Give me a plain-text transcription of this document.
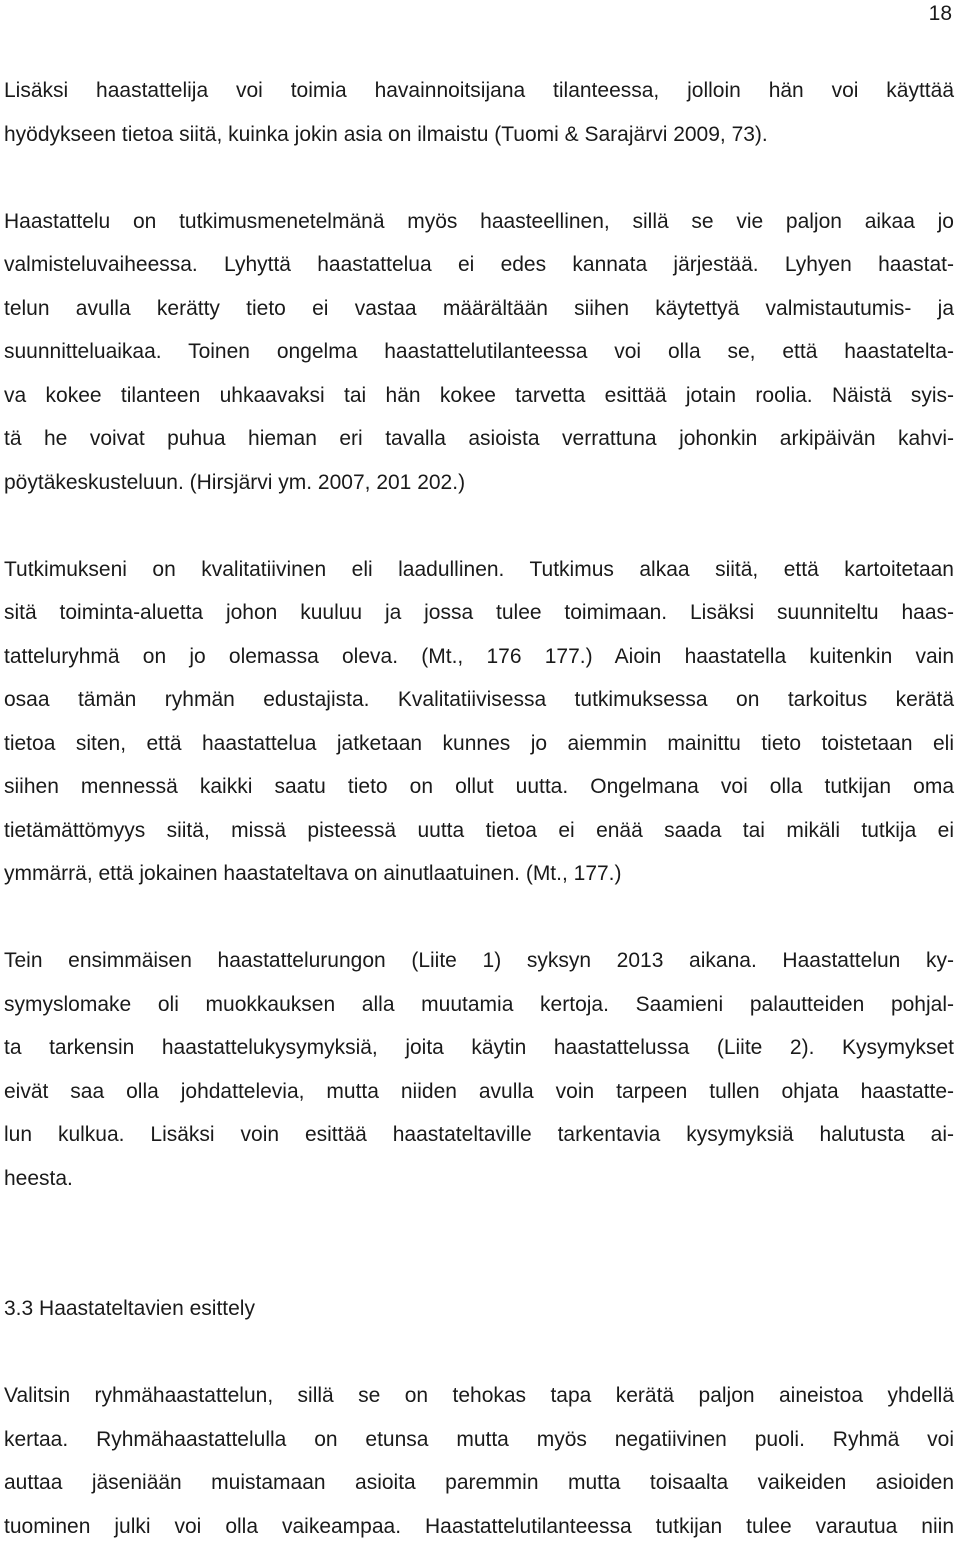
18

Lisäksi haastattelija voi toimia havainnoitsijana tilanteessa, jolloin hän voi käyttää
hyödykseen tietoa siitä, kuinka jokin asia on ilmaistu (Tuomi & Sarajärvi 2009, 73).

Haastattelu on tutkimusmenetelmänä myös haasteellinen, sillä se vie paljon aikaa jo
valmisteluvaiheessa. Lyhyttä haastattelua ei edes kannata järjestää. Lyhyen haastat-
telun avulla kerätty tieto ei vastaa määrältään siihen käytettyä valmistautumis- ja
suunnitteluaikaa. Toinen ongelma haastattelutilanteessa voi olla se, että haastatelta-
va kokee tilanteen uhkaavaksi tai hän kokee tarvetta esittää jotain roolia. Näistä syis-
tä he voivat puhua hieman eri tavalla asioista verrattuna johonkin arkipäivän kahvi-
pöytäkeskusteluun. (Hirsjärvi ym. 2007, 201 202.)

Tutkimukseni on kvalitatiivinen eli laadullinen. Tutkimus alkaa siitä, että kartoitetaan
sitä toiminta-aluetta johon kuuluu ja jossa tulee toimimaan. Lisäksi suunniteltu haas-
tatteluryhmä on jo olemassa oleva. (Mt., 176 177.) Aioin haastatella kuitenkin vain
osaa tämän ryhmän edustajista. Kvalitatiivisessa tutkimuksessa on tarkoitus kerätä
tietoa siten, että haastattelua jatketaan kunnes jo aiemmin mainittu tieto toistetaan eli
siihen mennessä kaikki saatu tieto on ollut uutta. Ongelmana voi olla tutkijan oma
tietämättömyys siitä, missä pisteessä uutta tietoa ei enää saada tai mikäli tutkija ei
ymmärrä, että jokainen haastateltava on ainutlaatuinen. (Mt., 177.)

Tein ensimmäisen haastattelurungon (Liite 1) syksyn 2013 aikana. Haastattelun ky-
symyslomake oli muokkauksen alla muutamia kertoja. Saamieni palautteiden pohjal-
ta tarkensin haastattelukysymyksiä, joita käytin haastattelussa (Liite 2). Kysymykset
eivät saa olla johdattelevia, mutta niiden avulla voin tarpeen tullen ohjata haastatte-
lun kulkua. Lisäksi voin esittää haastateltaville tarkentavia kysymyksiä halutusta ai-
heesta.

3.3 Haastateltavien esittely

Valitsin ryhmähaastattelun, sillä se on tehokas tapa kerätä paljon aineistoa yhdellä
kertaa. Ryhmähaastattelulla on etunsa mutta myös negatiivinen puoli. Ryhmä voi
auttaa jäseniään muistamaan asioita paremmin mutta toisaalta vaikeiden asioiden
tuominen julki voi olla vaikeampaa. Haastattelutilanteessa tutkijan tulee varautua niin
